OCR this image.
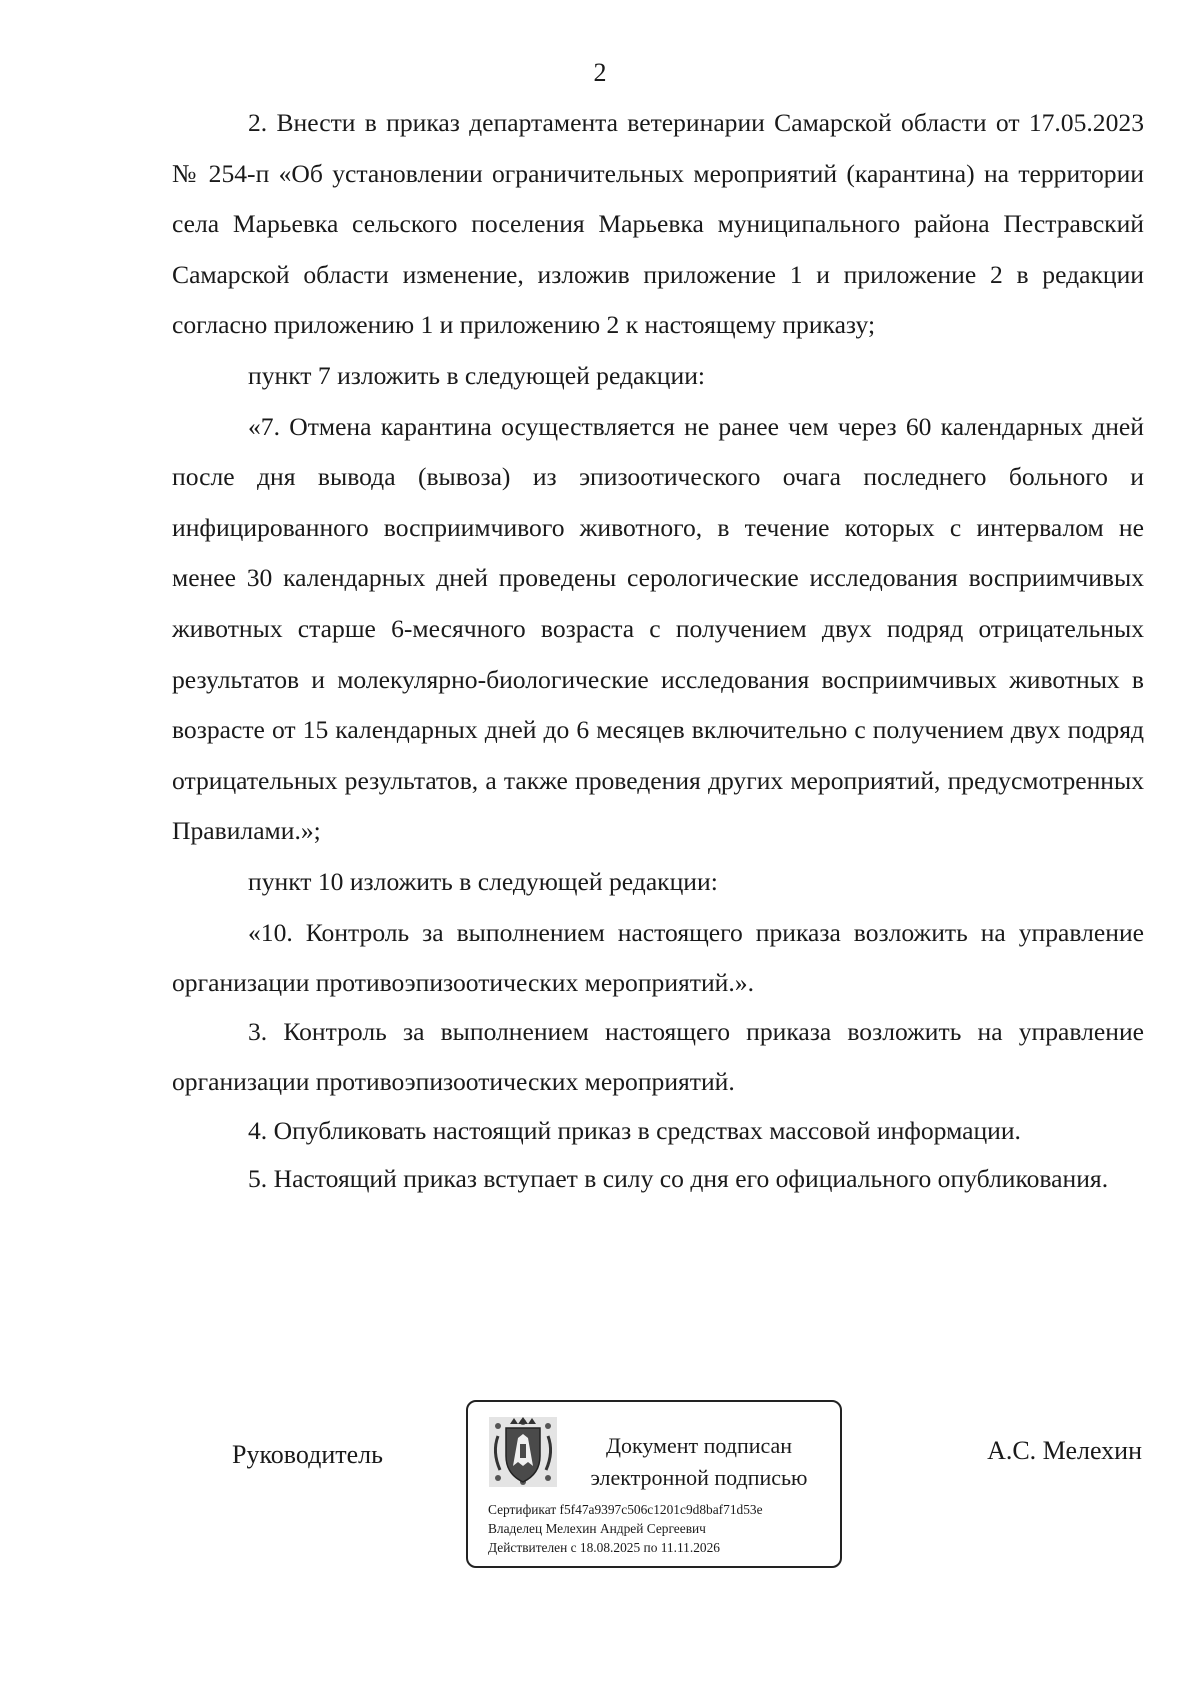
2

2. Внести в приказ департамента ветеринарии Самарской области от 17.05.2023 № 254-п «Об установлении ограничительных мероприятий (карантина) на территории села Марьевка сельского поселения Марьевка муниципального района Пестравский Самарской области изменение, изложив приложение 1 и приложение 2 в редакции согласно приложению 1 и приложению 2 к настоящему приказу;

пункт 7 изложить в следующей редакции:

«7. Отмена карантина осуществляется не ранее чем через 60 календарных дней после дня вывода (вывоза) из эпизоотического очага последнего больного и инфицированного восприимчивого животного, в течение которых с интервалом не менее 30 календарных дней проведены серологические исследования восприимчивых животных старше 6-месячного возраста с получением двух подряд отрицательных результатов и молекулярно-биологические исследования восприимчивых животных в возрасте от 15 календарных дней до 6 месяцев включительно с получением двух подряд отрицательных результатов, а также проведения других мероприятий, предусмотренных Правилами.»;

пункт 10 изложить в следующей редакции:

«10. Контроль за выполнением настоящего приказа возложить на управление организации противоэпизоотических мероприятий.».

3. Контроль за выполнением настоящего приказа возложить на управление организации противоэпизоотических мероприятий.

4. Опубликовать настоящий приказ в средствах массовой информации.

5. Настоящий приказ вступает в силу со дня его официального опубликования.

Руководитель	Документ подписан
электронной подписью
Сертификат f5f47a9397c506c1201c9d8baf71d53e
Владелец Мелехин Андрей Сергеевич
Действителен с 18.08.2025 по 11.11.2026
А.С. Мелехин
